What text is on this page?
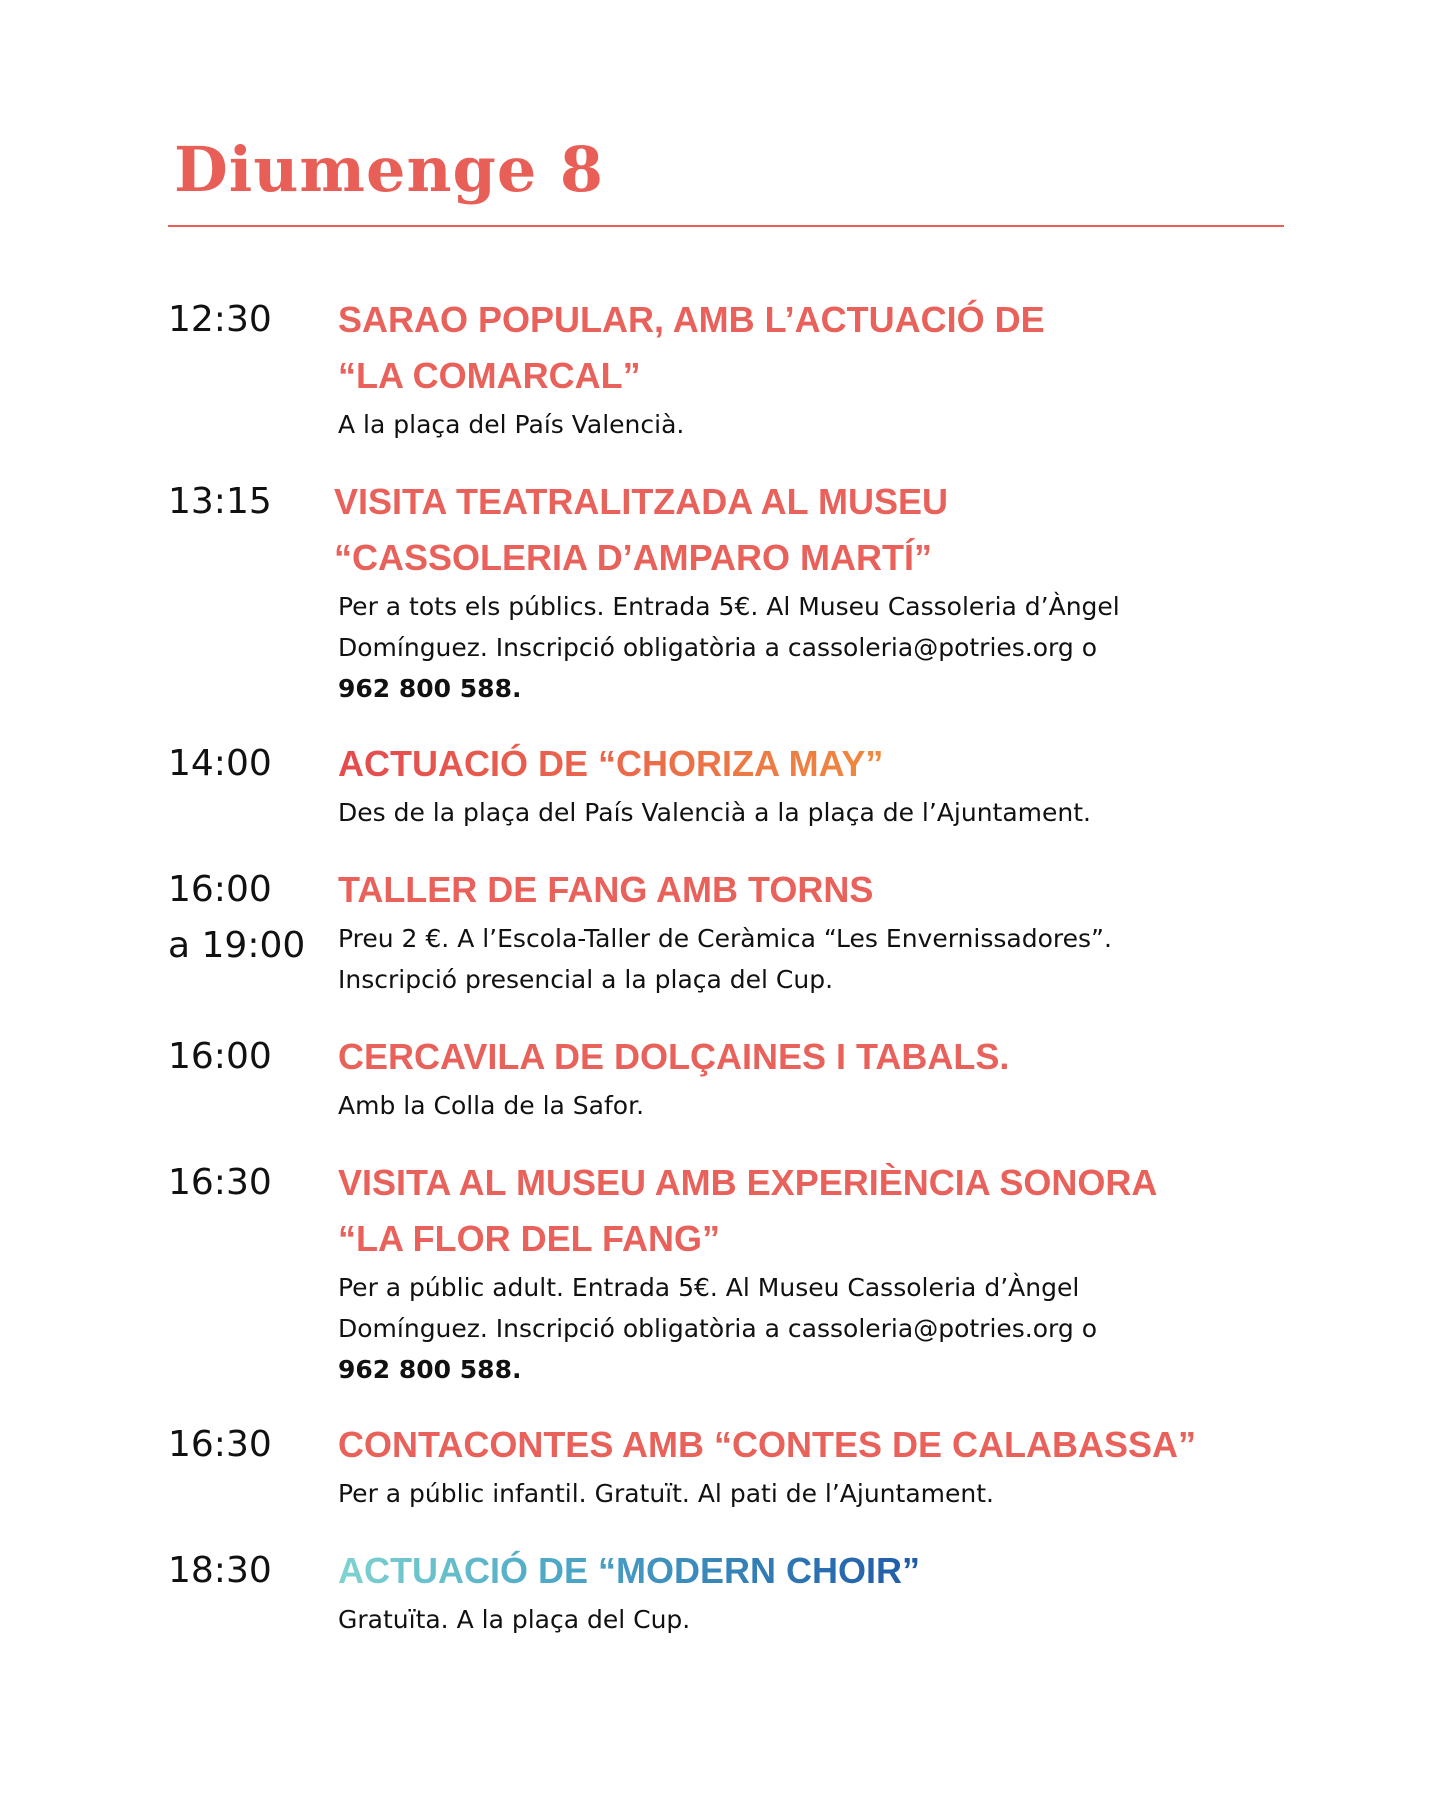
Diumenge 8
12:30 SARAO POPULAR, AMB L’ACTUACIÓ DE
“LA COMARCAL”
A la plaça del País Valencià.
13:15 VISITA TEATRALITZADA AL MUSEU
“CASSOLERIA D’AMPARO MARTÍ”
Per a tots els públics. Entrada 5€. Al Museu Cassoleria d’Àngel
Domínguez. Inscripció obligatòria a cassoleria@potries.org o
962 800 588.
14:00 ACTUACIÓ DE “CHORIZA MAY”
Des de la plaça del País Valencià a la plaça de l’Ajuntament.
16:00
a 19:00
TALLER DE FANG AMB TORNS
Preu 2 €. A l’Escola-Taller de Ceràmica “Les Envernissadores”.
Inscripció presencial a la plaça del Cup.
16:00 CERCAVILA DE DOLÇAINES I TABALS.
Amb la Colla de la Safor.
16:30 VISITA AL MUSEU AMB EXPERIÈNCIA SONORA
“LA FLOR DEL FANG”
Per a públic adult. Entrada 5€. Al Museu Cassoleria d’Àngel
Domínguez. Inscripció obligatòria a cassoleria@potries.org o
962 800 588.
16:30 CONTACONTES AMB “CONTES DE CALABASSA”
Per a públic infantil. Gratuït. Al pati de l’Ajuntament.
18:30 ACTUACIÓ DE “MODERN CHOIR”
Gratuïta. A la plaça del Cup.
